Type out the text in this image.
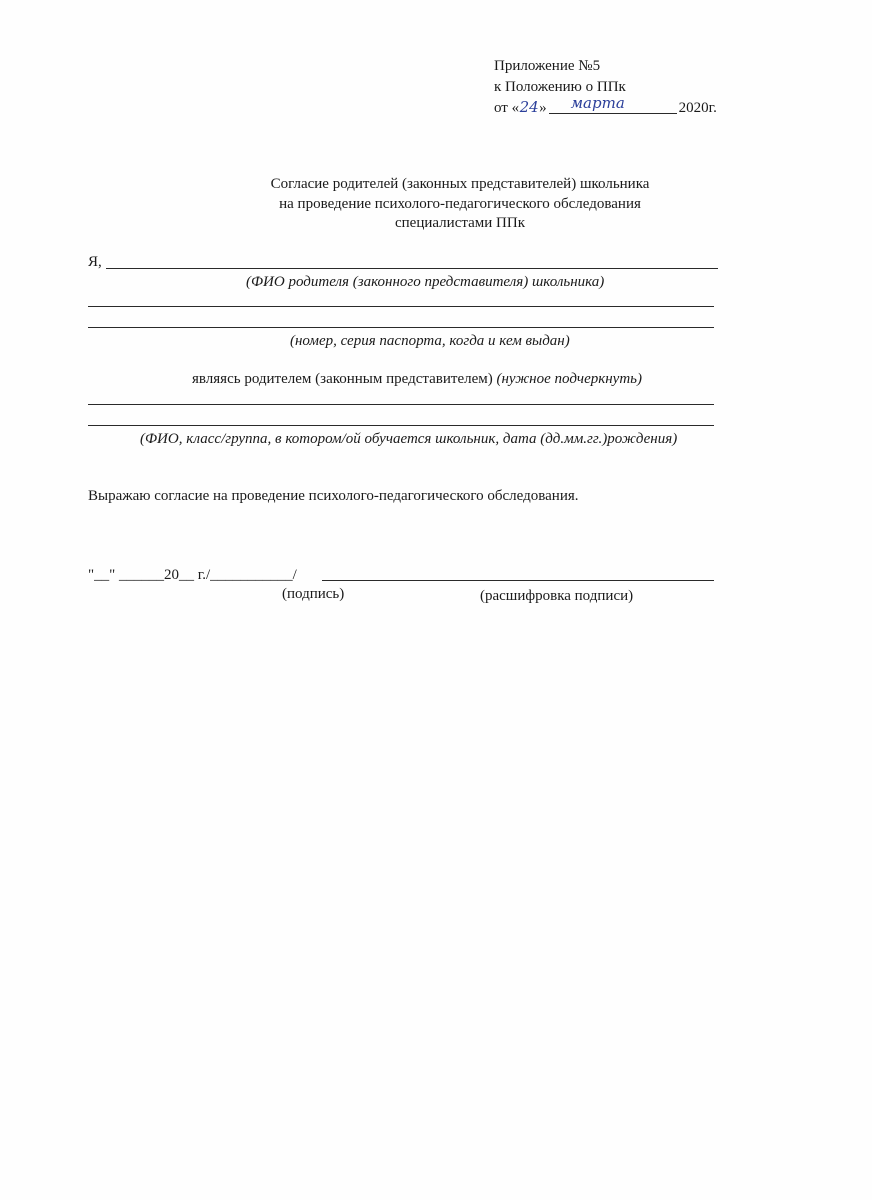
Приложение №5
к Положению о ППк
от «24» марта	2020г.
Согласие родителей (законных представителей) школьника
на проведение психолого-педагогического обследования
специалистами ППк
Я,
(ФИО родителя (законного представителя) школьника)
(номер, серия паспорта, когда и кем выдан)
являясь родителем (законным представителем) (нужное подчеркнуть)
(ФИО, класс/группа, в котором/ой обучается школьник, дата (дд.мм.гг.)рождения)
Выражаю согласие на проведение психолого-педагогического обследования.
"__" ______20__ г./___________/
(подпись)	(расшифровка подписи)
